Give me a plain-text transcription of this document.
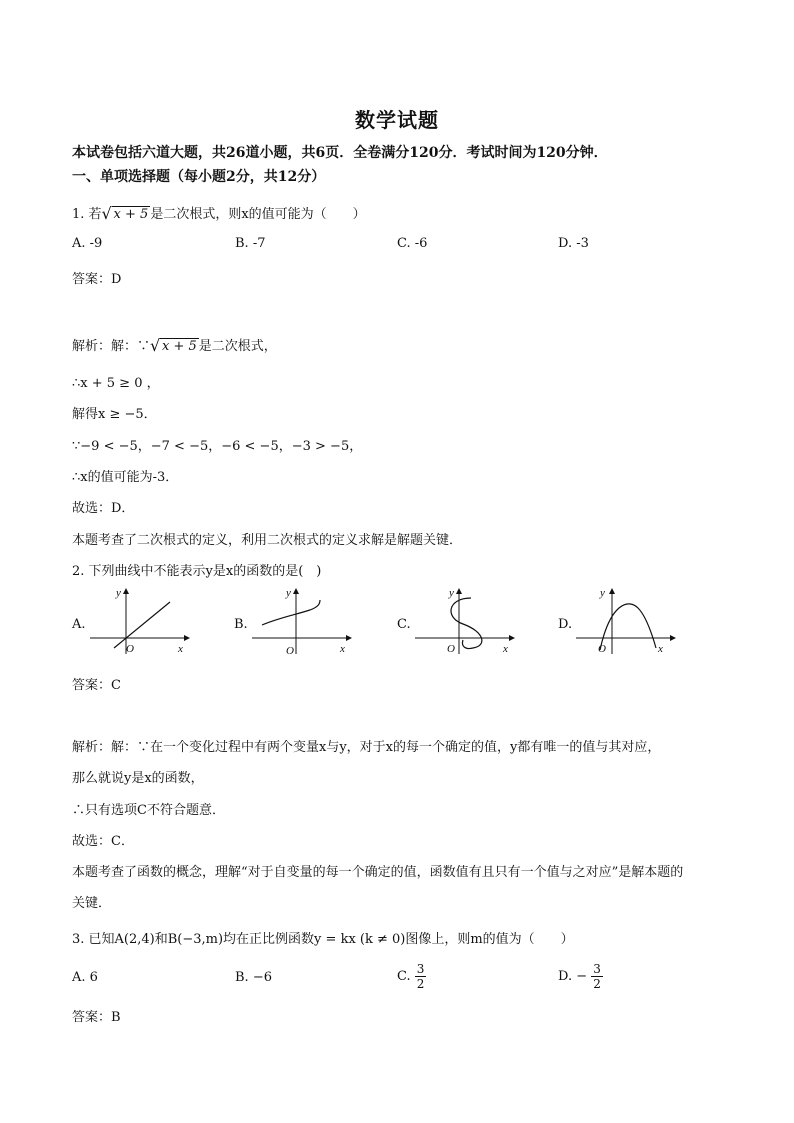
数学试题
本试卷包括六道大题，共26道小题，共6页．全卷满分120分．考试时间为120分钟．
一、单项选择题（每小题2分，共12分）
1. 若 √ x + 5 是二次根式，则x的值可能为（　　）
A. -9	B. -7	C. -6	D. -3
答案：D
解析：解：∵ √ x + 5 是二次根式，
∴x + 5 ≥ 0 ，
解得x ≥ −5．
∵−9 < −5，−7 < −5，−6 < −5，−3 > −5，
∴x的值可能为-3．
故选：D．
本题考查了二次根式的定义，利用二次根式的定义求解是解题关键．
2. 下列曲线中不能表示y是x的函数的是(　)
A.
y
x
O
B.
y
x
O
C.
y
x
O
D.
y
x
O
答案：C
解析：解：∵在一个变化过程中有两个变量x与y，对于x的每一个确定的值，y都有唯一的值与其对应，
那么就说y是x的函数，
∴只有选项C不符合题意．
故选：C．
本题考查了函数的概念，理解“对于自变量的每一个确定的值，函数值有且只有一个值与之对应”是解本题的
关键．
3. 已知A(2,4)和B(−3,m)均在正比例函数y = kx (k ≠ 0)图像上，则m的值为（　　）
A. 6	B. −6	C. $\frac{3}{2}$	D. − $\frac{3}{2}$
答案：B
